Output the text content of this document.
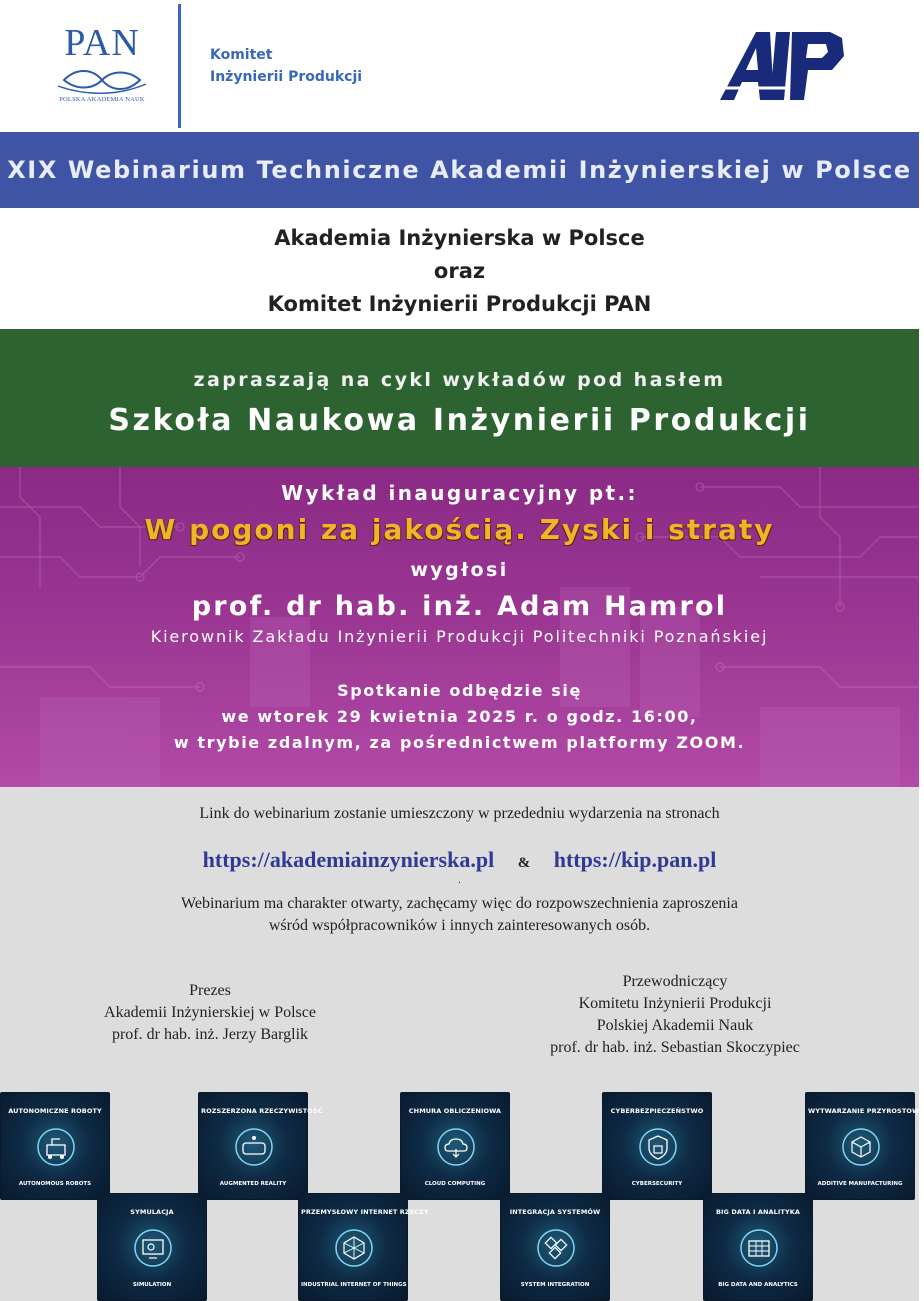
PAN
POLSKA AKADEMIA NAUK
Komitet
Inżynierii Produkcji
AIP
XIX Webinarium Techniczne Akademii Inżynierskiej w Polsce
Akademia Inżynierska w Polsce
oraz
Komitet Inżynierii Produkcji PAN
zapraszają na cykl wykładów pod hasłem
Szkoła Naukowa Inżynierii Produkcji
Wykład inauguracyjny pt.:
W pogoni za jakością. Zyski i straty
wygłosi
prof. dr hab. inż. Adam Hamrol
Kierownik Zakładu Inżynierii Produkcji Politechniki Poznańskiej
Spotkanie odbędzie się
we wtorek 29 kwietnia 2025 r. o godz. 16:00,
w trybie zdalnym, za pośrednictwem platformy ZOOM.
Link do webinarium zostanie umieszczony w przededniu wydarzenia na stronach
https://akademiainzynierska.pl & https://kip.pan.pl
.
Webinarium ma charakter otwarty, zachęcamy więc do rozpowszechnienia zaproszenia
wśród współpracowników i innych zainteresowanych osób.
Prezes
Akademii Inżynierskiej w Polsce
prof. dr hab. inż. Jerzy Barglik
Przewodniczący
Komitetu Inżynierii Produkcji
Polskiej Akademii Nauk
prof. dr hab. inż. Sebastian Skoczypiec
AUTONOMICZNE ROBOTY
AUTONOMOUS ROBOTS
ROZSZERZONA RZECZYWISTOŚĆ
AUGMENTED REALITY
CHMURA OBLICZENIOWA
CLOUD COMPUTING
CYBERBEZPIECZEŃSTWO
CYBERSECURITY
WYTWARZANIE PRZYROSTOWE
ADDITIVE MANUFACTURING
SYMULACJA
SIMULATION
PRZEMYSŁOWY INTERNET RZECZY
INDUSTRIAL INTERNET OF THINGS
INTEGRACJA SYSTEMÓW
SYSTEM INTEGRATION
BIG DATA I ANALITYKA
BIG DATA AND ANALYTICS
